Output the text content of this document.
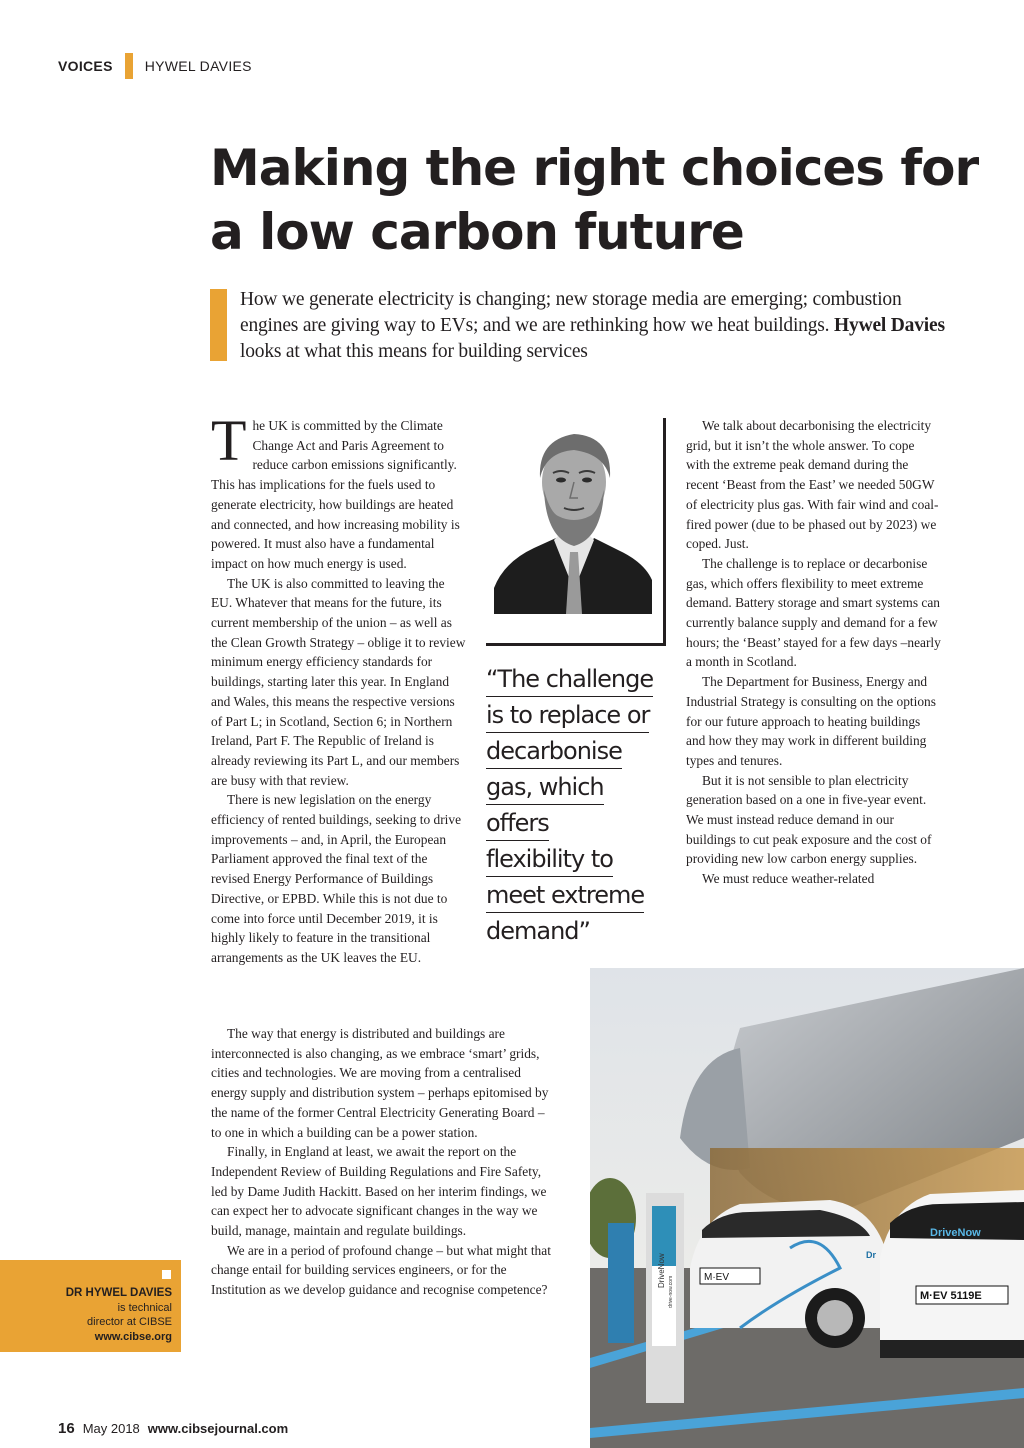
VOICES HYWEL DAVIES
Making the right choices for a low carbon future

How we generate electricity is changing; new storage media are emerging; combustion engines are giving way to EVs; and we are rethinking how we heat buildings. Hywel Davies looks at what this means for building services

The UK is committed by the Climate Change Act and Paris Agreement to reduce carbon emissions significantly. This has implications for the fuels used to generate electricity, how buildings are heated and connected, and how increasing mobility is powered. It must also have a fundamental impact on how much energy is used.

The UK is also committed to leaving the EU. Whatever that means for the future, its current membership of the union – as well as the Clean Growth Strategy – oblige it to review minimum energy efficiency standards for buildings, starting later this year. In England and Wales, this means the respective versions of Part L; in Scotland, Section 6; in Northern Ireland, Part F. The Republic of Ireland is already reviewing its Part L, and our members are busy with that review.

There is new legislation on the energy efficiency of rented buildings, seeking to drive improvements – and, in April, the European Parliament approved the final text of the revised Energy Performance of Buildings Directive, or EPBD. While this is not due to come into force until December 2019, it is highly likely to feature in the transitional arrangements as the UK leaves the EU.

The way that energy is distributed and buildings are interconnected is also changing, as we embrace ‘smart’ grids, cities and technologies. We are moving from a centralised energy supply and distribution system – perhaps epitomised by the name of the former Central Electricity Generating Board – to one in which a building can be a power station.

Finally, in England at least, we await the report on the Independent Review of Building Regulations and Fire Safety, led by Dame Judith Hackitt. Based on her interim findings, we can expect her to advocate significant changes in the way we build, manage, maintain and regulate buildings.

We are in a period of profound change – but what might that change entail for building services engineers, or for the Institution as we develop guidance and recognise competence?

“The challenge
is to replace or
decarbonise
gas, which
offers
flexibility to
meet extreme
demand”

We talk about decarbonising the electricity grid, but it isn’t the whole answer. To cope with the extreme peak demand during the recent ‘Beast from the East’ we needed 50GW of electricity plus gas. With fair wind and coal-fired power (due to be phased out by 2023) we coped. Just.

The challenge is to replace or decarbonise gas, which offers flexibility to meet extreme demand. Battery storage and smart systems can currently balance supply and demand for a few hours; the ‘Beast’ stayed for a few days –nearly a month in Scotland.

The Department for Business, Energy and Industrial Strategy is consulting on the options for our future approach to heating buildings and how they may work in different building types and tenures.

But it is not sensible to plan electricity generation based on a one in five-year event. We must instead reduce demand in our buildings to cut peak exposure and the cost of providing new low carbon energy supplies.

We must reduce weather-related

DriveNow
drive-now.com	M·EV
Dr
DriveNow
M·EV 5119E
DR HYWEL DAVIES
is technical
director at CIBSE
www.cibse.org
16 May 2018 www.cibsejournal.com
